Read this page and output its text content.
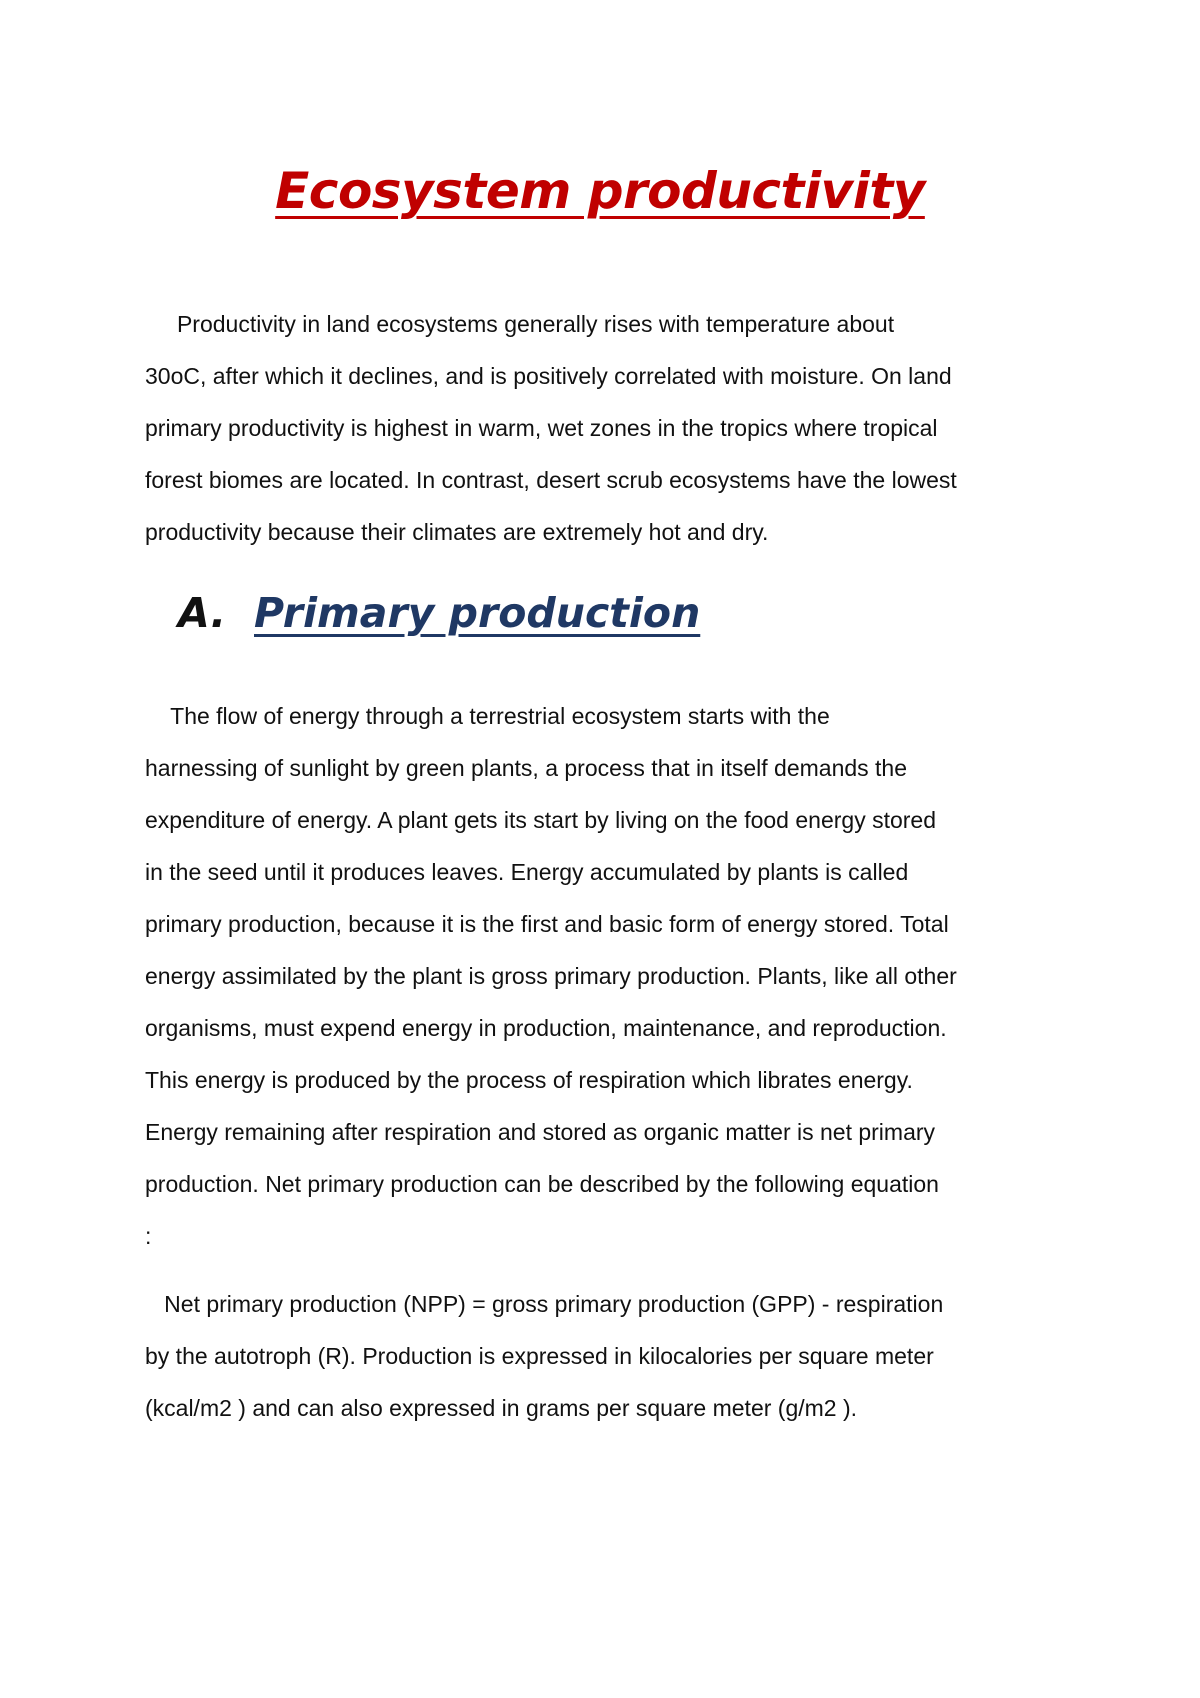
Ecosystem productivity

Productivity in land ecosystems generally rises with temperature about
30oC, after which it declines, and is positively correlated with moisture. On land
primary productivity is highest in warm, wet zones in the tropics where tropical
forest biomes are located. In contrast, desert scrub ecosystems have the lowest
productivity because their climates are extremely hot and dry.

A. Primary production

The flow of energy through a terrestrial ecosystem starts with the
harnessing of sunlight by green plants, a process that in itself demands the
expenditure of energy. A plant gets its start by living on the food energy stored
in the seed until it produces leaves. Energy accumulated by plants is called
primary production, because it is the first and basic form of energy stored. Total
energy assimilated by the plant is gross primary production. Plants, like all other
organisms, must expend energy in production, maintenance, and reproduction.
This energy is produced by the process of respiration which librates energy.
Energy remaining after respiration and stored as organic matter is net primary
production. Net primary production can be described by the following equation
:

Net primary production (NPP) = gross primary production (GPP) - respiration
by the autotroph (R). Production is expressed in kilocalories per square meter
(kcal/m2 ) and can also expressed in grams per square meter (g/m2 ).
